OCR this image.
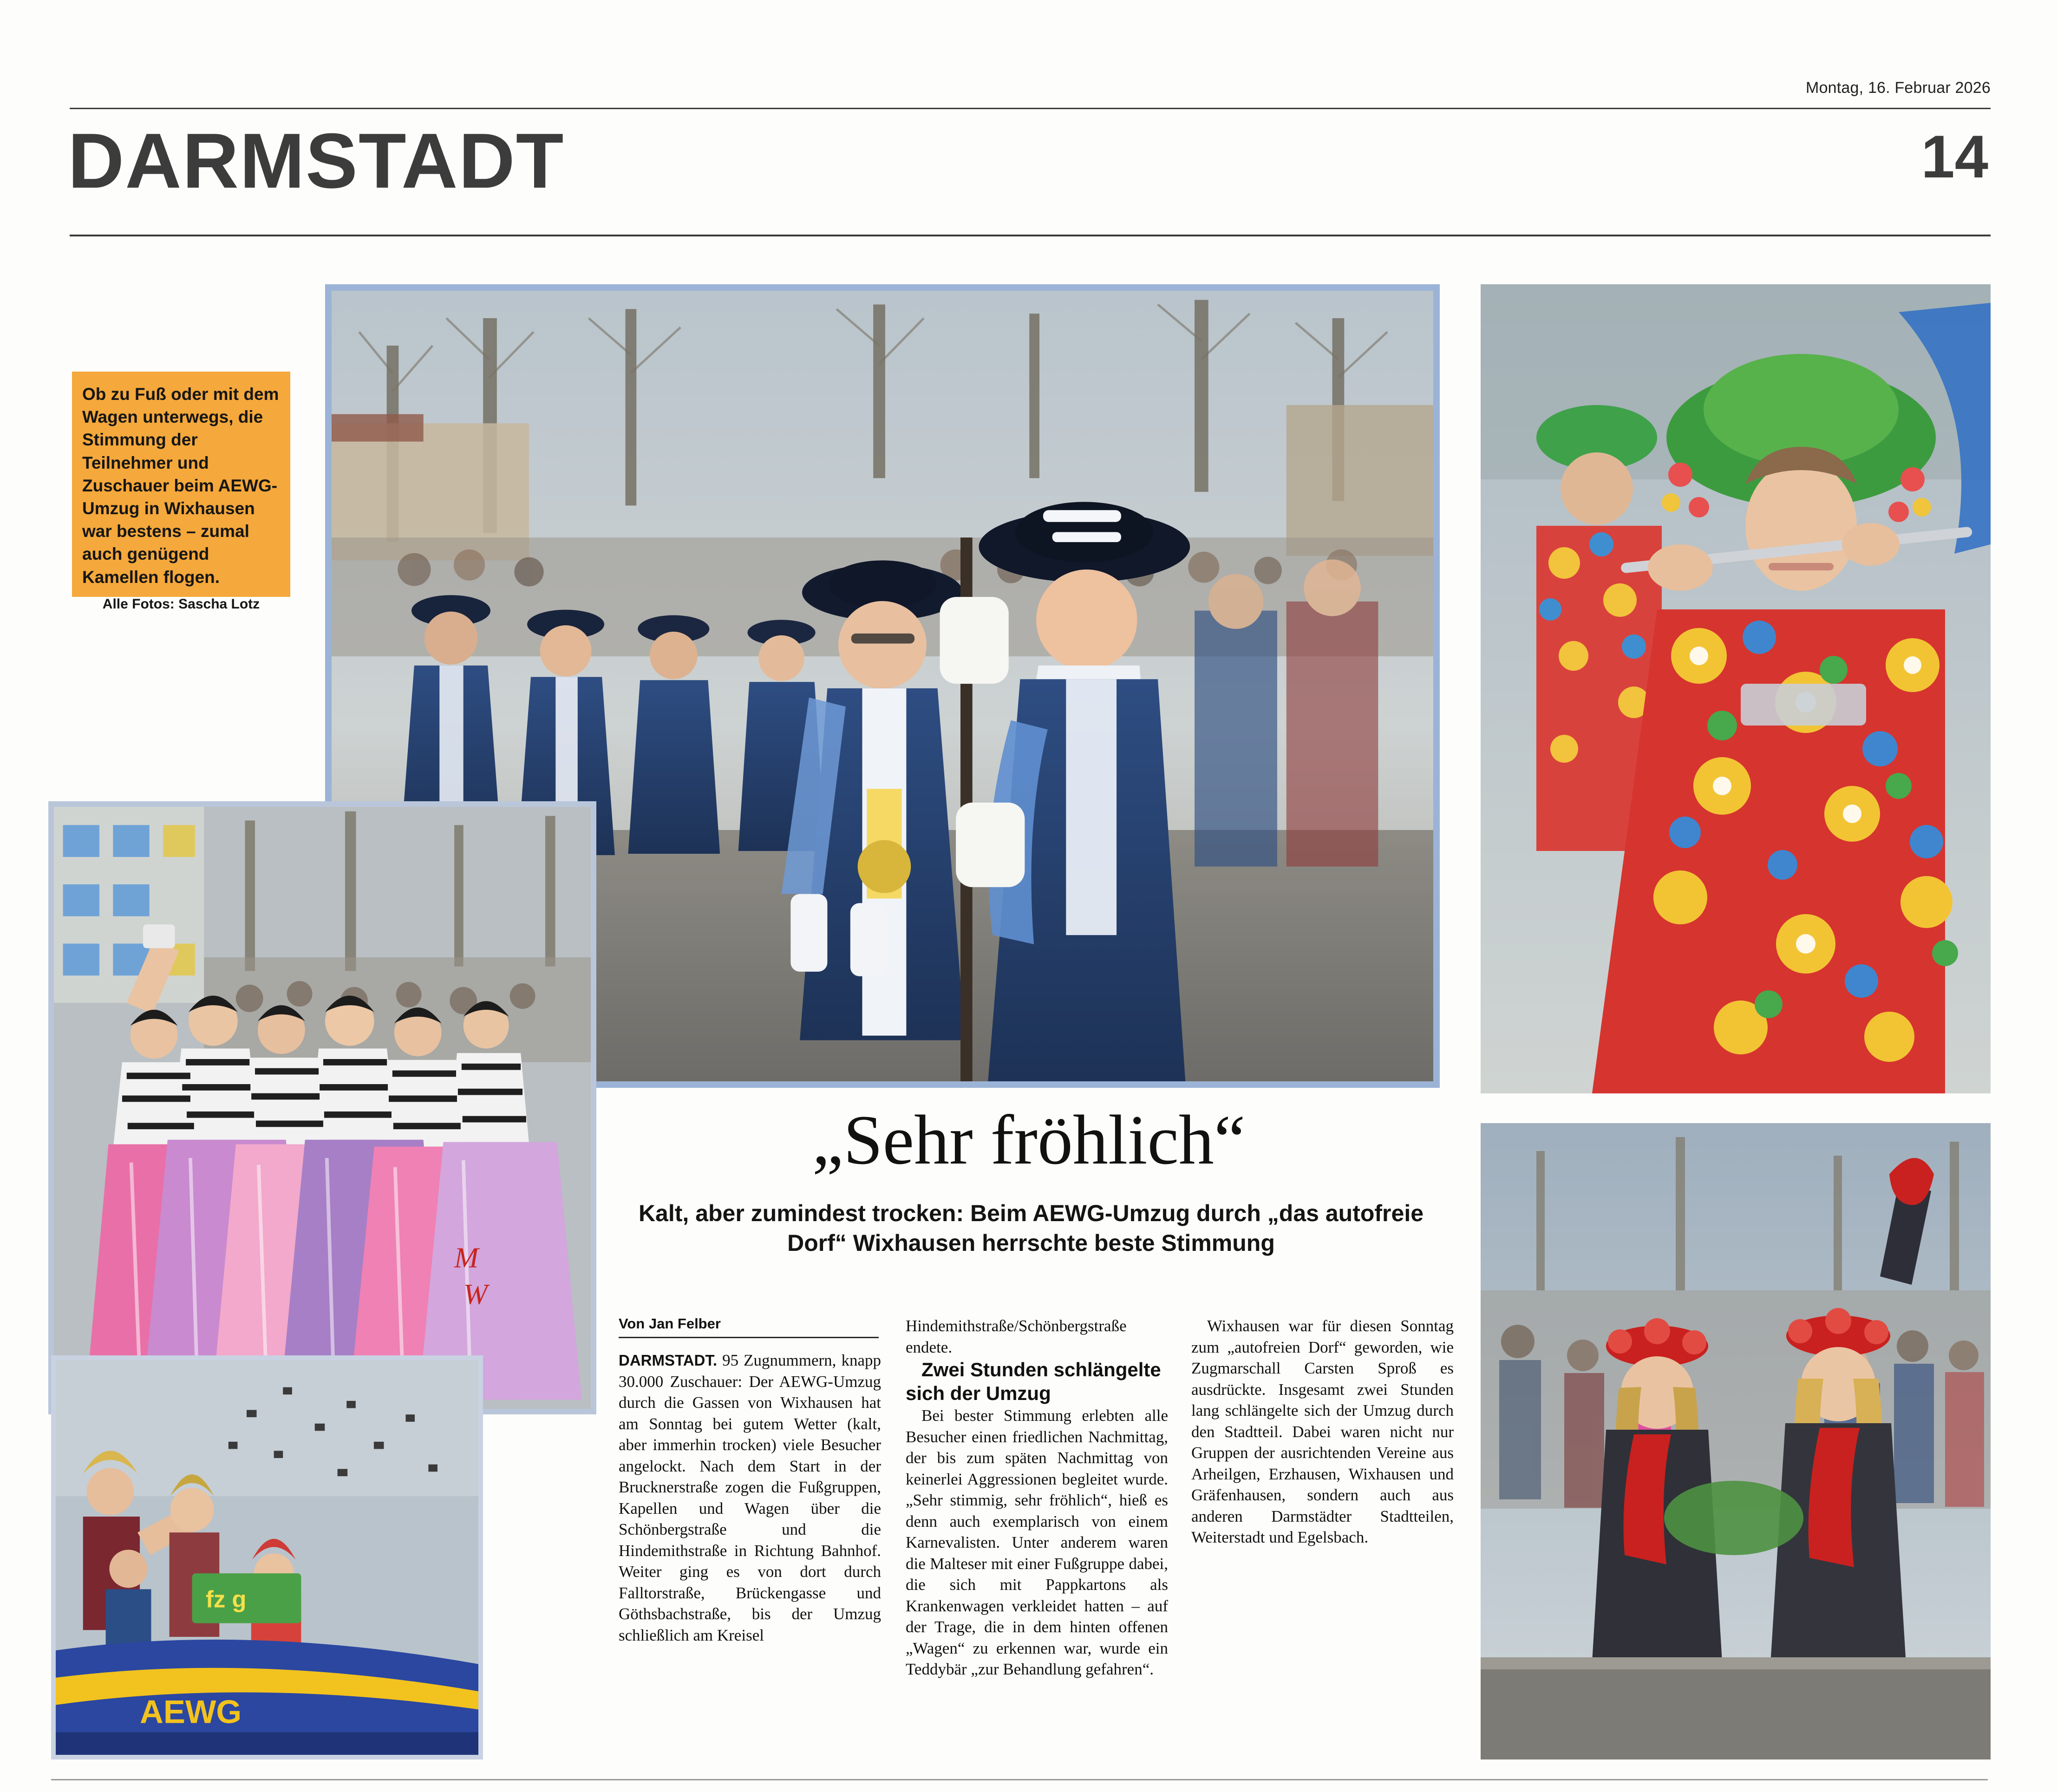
Montag, 16. Februar 2026
DARMSTADT	14
Ob zu Fuß oder mit dem Wagen unterwegs, die Stimmung der Teilnehmer und Zuschauer beim AEWG-Umzug in Wixhausen war bestens – zumal auch genügend Kamellen flogen.
Alle Fotos: Sascha Lotz
M
W
fz g
AEWG
„Sehr fröhlich“
Kalt, aber zumindest trocken: Beim AEWG-Umzug durch „das autofreie Dorf“ Wixhausen herrschte beste Stimmung
Von Jan Felber

DARMSTADT. 95 Zugnummern, knapp 30.000 Zuschauer: Der AEWG-Umzug durch die Gassen von Wixhausen hat am Sonntag bei gutem Wetter (kalt, aber immerhin trocken) viele Besucher angelockt. Nach dem Start in der Brucknerstraße zogen die Fußgruppen, Kapellen und Wagen über die Schönbergstraße und die Hindemithstraße in Richtung Bahnhof. Weiter ging es von dort durch Falltorstraße, Brückengasse und Göthsbachstraße, bis der Umzug schließlich am Kreisel

Hindemithstraße/Schönbergstraße endete.

Zwei Stunden schlängelte sich der Umzug

Bei bester Stimmung erlebten alle Besucher einen friedlichen Nachmittag, der bis zum späten Nachmittag von keinerlei Aggressionen begleitet wurde. „Sehr stimmig, sehr fröhlich“, hieß es denn auch exemplarisch von einem Karnevalisten. Unter anderem waren die Malteser mit einer Fußgruppe dabei, die sich mit Pappkartons als Krankenwagen verkleidet hatten – auf der Trage, die in dem hinten offenen „Wagen“ zu erkennen war, wurde ein Teddybär „zur Behandlung gefahren“.

Wixhausen war für diesen Sonntag zum „autofreien Dorf“ geworden, wie Zugmarschall Carsten Sproß es ausdrückte. Insgesamt zwei Stunden lang schlängelte sich der Umzug durch den Stadtteil. Dabei waren nicht nur Gruppen der ausrichtenden Vereine aus Arheilgen, Erzhausen, Wixhausen und Gräfenhausen, sondern auch aus anderen Darmstädter Stadtteilen, Weiterstadt und Egelsbach.
